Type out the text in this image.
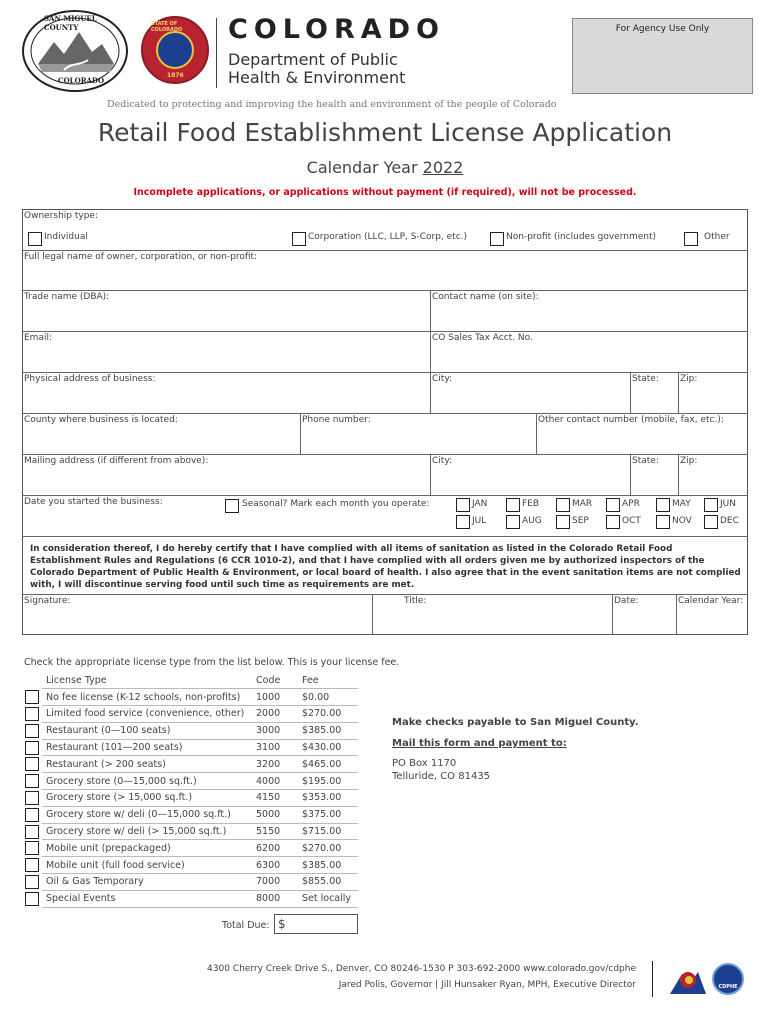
SAN MIGUEL COUNTY
COLORADO
STATE OF COLORADO
1876
COLORADO
Department of Public
Health & Environment
For Agency Use Only
Dedicated to protecting and improving the health and environment of the people of Colorado
Retail Food Establishment License Application
Calendar Year 2022
Incomplete applications, or applications without payment (if required), will not be processed.
Ownership type:
Individual	Corporation (LLC, LLP, S-Corp, etc.)	Non-profit (includes government)	Other
Full legal name of owner, corporation, or non-profit:
Trade name (DBA):	Contact name (on site):
Email:	CO Sales Tax Acct. No.
Physical address of business:	City:	State: Zip:
County where business is located:	Phone number:	Other contact number (mobile, fax, etc.):
Mailing address (if different from above):	City:	State: Zip:
Date you started the business:	Seasonal? Mark each month you operate:	JAN	FEB	MAR	APR	MAY	JUN
JUL	AUG	SEP	OCT	NOV	DEC
In consideration thereof, I do hereby certify that I have complied with all items of sanitation as listed in the Colorado Retail Food Establishment Rules and Regulations (6 CCR 1010-2), and that I have complied with all orders given me by authorized inspectors of the Colorado Department of Public Health & Environment, or local board of health. I also agree that in the event sanitation items are not complied with, I will discontinue serving food until such time as requirements are met.
Signature:	Title:	Date:	Calendar Year:
Check the appropriate license type from the list below. This is your license fee.
	License Type	Code	Fee

	No fee license (K-12 schools, non-profits)	1000	$0.00

	Limited food service (convenience, other)	2000	$270.00

	Restaurant (0—100 seats)	3000	$385.00

	Restaurant (101—200 seats)	3100	$430.00

	Restaurant (> 200 seats)	3200	$465.00

	Grocery store (0—15,000 sq.ft.)	4000	$195.00

	Grocery store (> 15,000 sq.ft.)	4150	$353.00

	Grocery store w/ deli (0—15,000 sq.ft.)	5000	$375.00

	Grocery store w/ deli (> 15,000 sq.ft.)	5150	$715.00

	Mobile unit (prepackaged)	6200	$270.00

	Mobile unit (full food service)	6300	$385.00

	Oil & Gas Temporary	7000	$855.00

	Special Events	8000	Set locally
Total Due: $
Make checks payable to San Miguel County.
Mail this form and payment to:
PO Box 1170
Telluride, CO 81435
4300 Cherry Creek Drive S., Denver, CO 80246-1530 P 303-692-2000 www.colorado.gov/cdphe
Jared Polis, Governor | Jill Hunsaker Ryan, MPH, Executive Director	CDPHE
